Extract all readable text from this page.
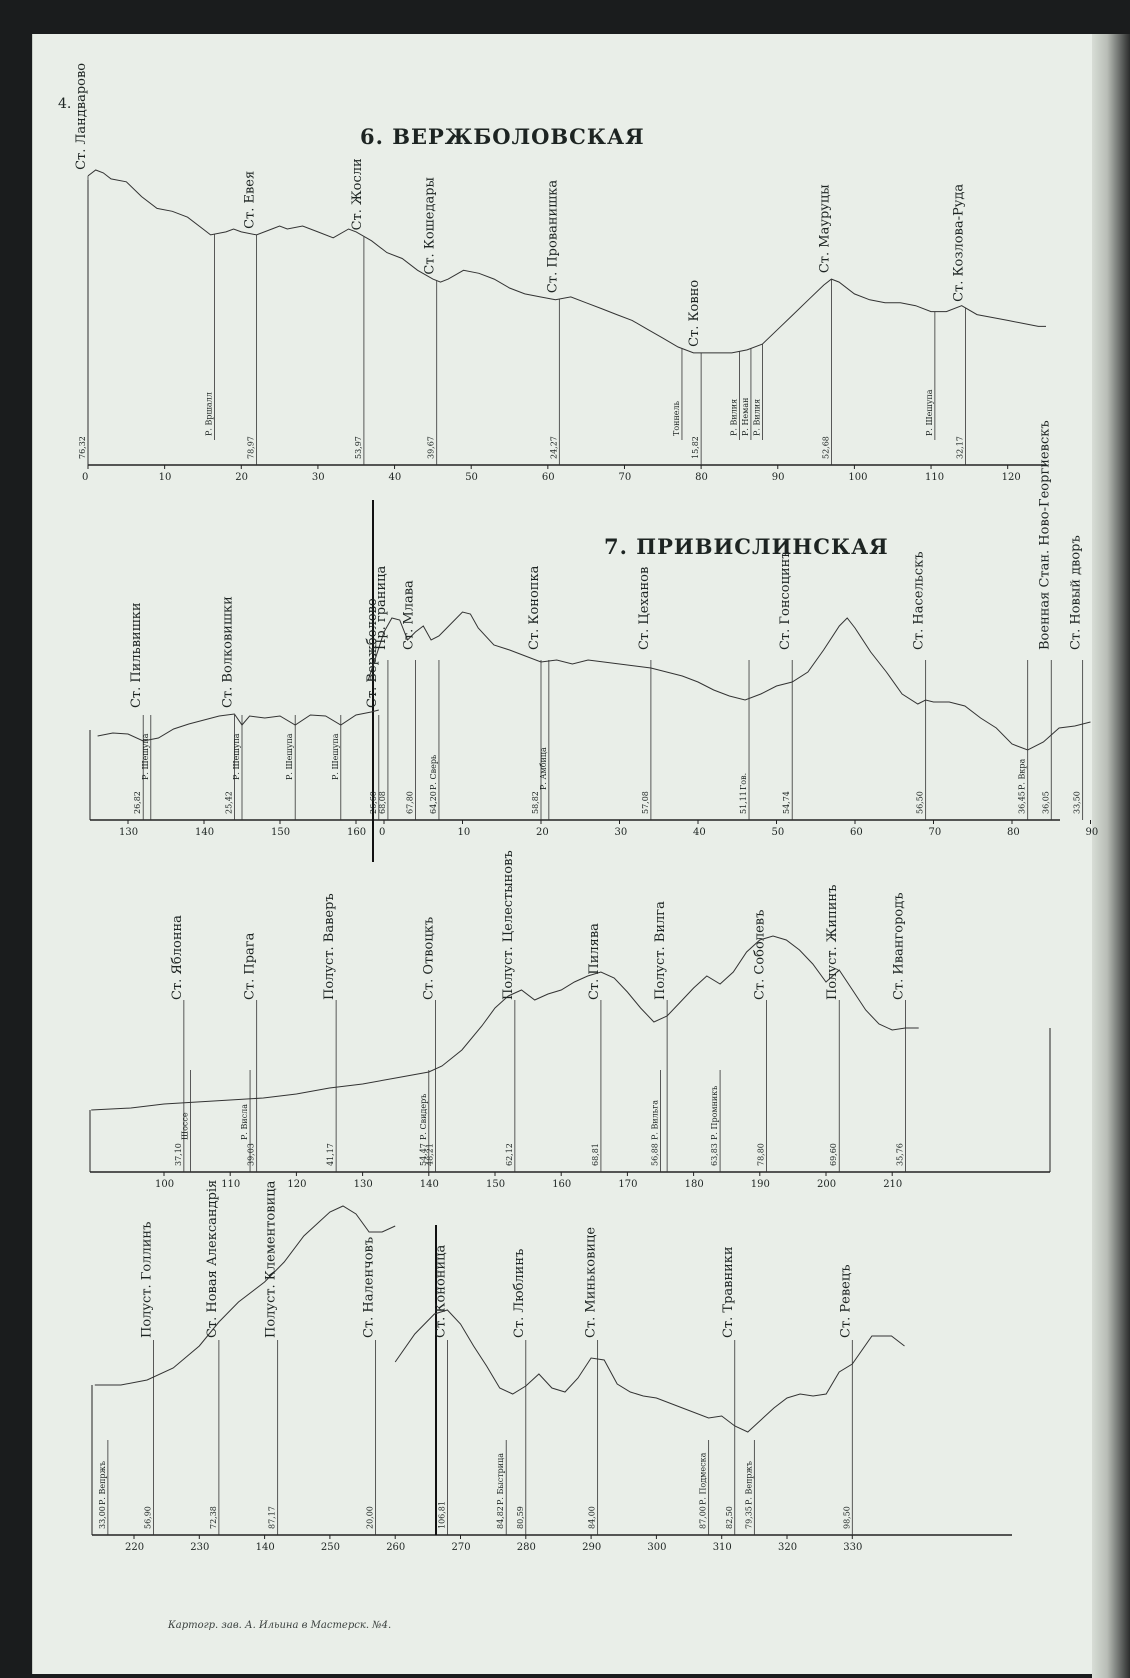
4.
6. ВЕРЖБОЛОВСКАЯ
7. ПРИВИСЛИНСКАЯ
Картогр. зав. А. Ильина в Мастерск. №4.
0	10	20	30	40	50	60	70	80	90	100	110	120
Ст. Ландварово
76,32
Р. Вршалл
Ст. Евея
78,97
Ст. Жосли
53,97
Ст. Кошедары
39,67
Ст. Прованишка
24,27
Тоннель
Ст. Ковно
15,82
Р. Вилия Р. Неман Р. Вилия
Ст. Мауруцы
52,68
Р. Шешупа
Ст. Козлова-Руда
32,17
130	140	150	160 0	10	20	30	40	50	60	70	80	90
Ст. Пильвишки
26,82
Р. Шешупа
Ст. Волковишки
25,42
Р. Шешупа	Р. Шешупа	Р. Шешупа
Ст. Вержболово
26,60
Пр. граница
68,08
Ст. Млава
67,80
Р. Сверь
64,20
Ст. Конопка
58,82
Р. Амбица
Ст. Цеханов
57,08
Гов.
51,11
Ст. Гонсоцинъ
54,74
Ст. Насельскъ
56,50
Р. Вкра
36,45
Военная Стан. Ново-Георгиевскъ
36,05
Ст. Новый дворъ
33,50
100	110	120	130	140	150	160	170	180	190	200	210
Ст. Яблонна
37,10
Шоссе
Ст. Прага
39,03
Р. Висла
Полуст. Ваверъ
41,17
Ст. Отвоцкъ
48,21
Р. Свидеръ
54,47
Полуст. Целестыновъ
62,12
Ст. Пилява
68,81
Р. Вильга
56,88
Полуст. Вилга
Р. Промникъ
63,83
Ст. Соболевъ
78,80
Полуст. Жипинъ
69,60
Ст. Ивангородъ
35,76
220	230	140	250	260	270	280	290	300	310	320	330
Р. Вепржъ
33,00
Полуст. Голлинъ
56,90
Ст. Новая Александрія
72,38
Полуст. Клементовица
87,17
Ст. Наленчовъ
20,00
Ст. Кононица
106,81
Ст. Люблинъ
80,59
Р. Быстрица
84,82
Ст. Миньковице
84,00
Р. Подмеска
87,00
Ст. Травники
82,50
Р. Вепржъ
79,35
Ст. Ревецъ
98,50
